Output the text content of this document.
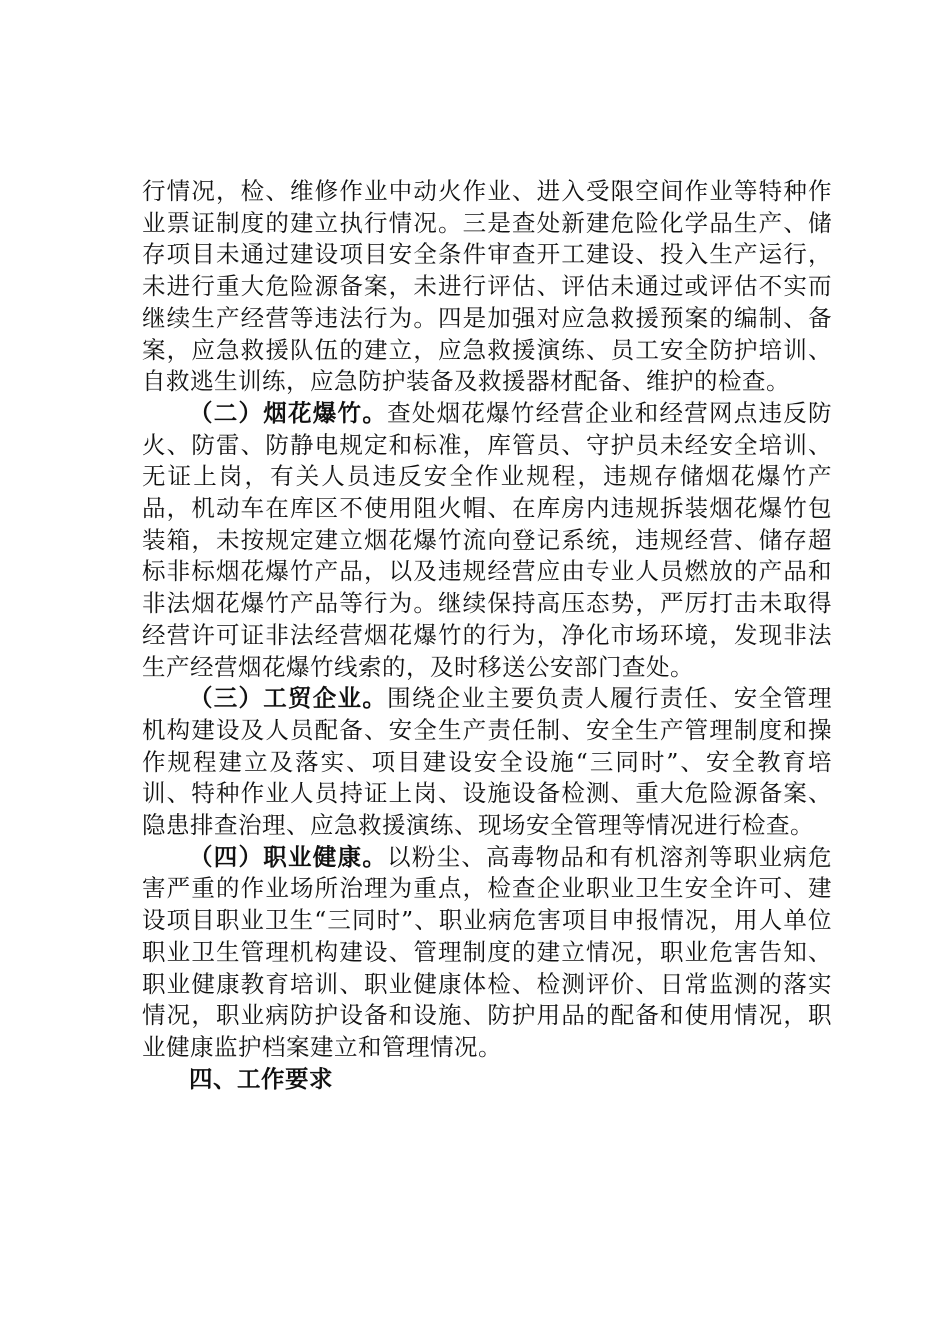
行情况，检、维修作业中动火作业、进入受限空间作业等特种作业票证制度的建立执行情况。三是查处新建危险化学品生产、储存项目未通过建设项目安全条件审查开工建设、投入生产运行，未进行重大危险源备案，未进行评估、评估未通过或评估不实而继续生产经营等违法行为。四是加强对应急救援预案的编制、备案，应急救援队伍的建立，应急救援演练、员工安全防护培训、自救逃生训练，应急防护装备及救援器材配备、维护的检查。

（二）烟花爆竹。查处烟花爆竹经营企业和经营网点违反防火、防雷、防静电规定和标准，库管员、守护员未经安全培训、无证上岗，有关人员违反安全作业规程，违规存储烟花爆竹产品，机动车在库区不使用阻火帽、在库房内违规拆装烟花爆竹包装箱，未按规定建立烟花爆竹流向登记系统，违规经营、储存超标非标烟花爆竹产品，以及违规经营应由专业人员燃放的产品和非法烟花爆竹产品等行为。继续保持高压态势，严厉打击未取得经营许可证非法经营烟花爆竹的行为，净化市场环境，发现非法生产经营烟花爆竹线索的，及时移送公安部门查处。

（三）工贸企业。围绕企业主要负责人履行责任、安全管理机构建设及人员配备、安全生产责任制、安全生产管理制度和操作规程建立及落实、项目建设安全设施“三同时”、安全教育培训、特种作业人员持证上岗、设施设备检测、重大危险源备案、隐患排查治理、应急救援演练、现场安全管理等情况进行检查。

（四）职业健康。以粉尘、高毒物品和有机溶剂等职业病危害严重的作业场所治理为重点，检查企业职业卫生安全许可、建设项目职业卫生“三同时”、职业病危害项目申报情况，用人单位职业卫生管理机构建设、管理制度的建立情况，职业危害告知、职业健康教育培训、职业健康体检、检测评价、日常监测的落实情况，职业病防护设备和设施、防护用品的配备和使用情况，职业健康监护档案建立和管理情况。

四、工作要求
